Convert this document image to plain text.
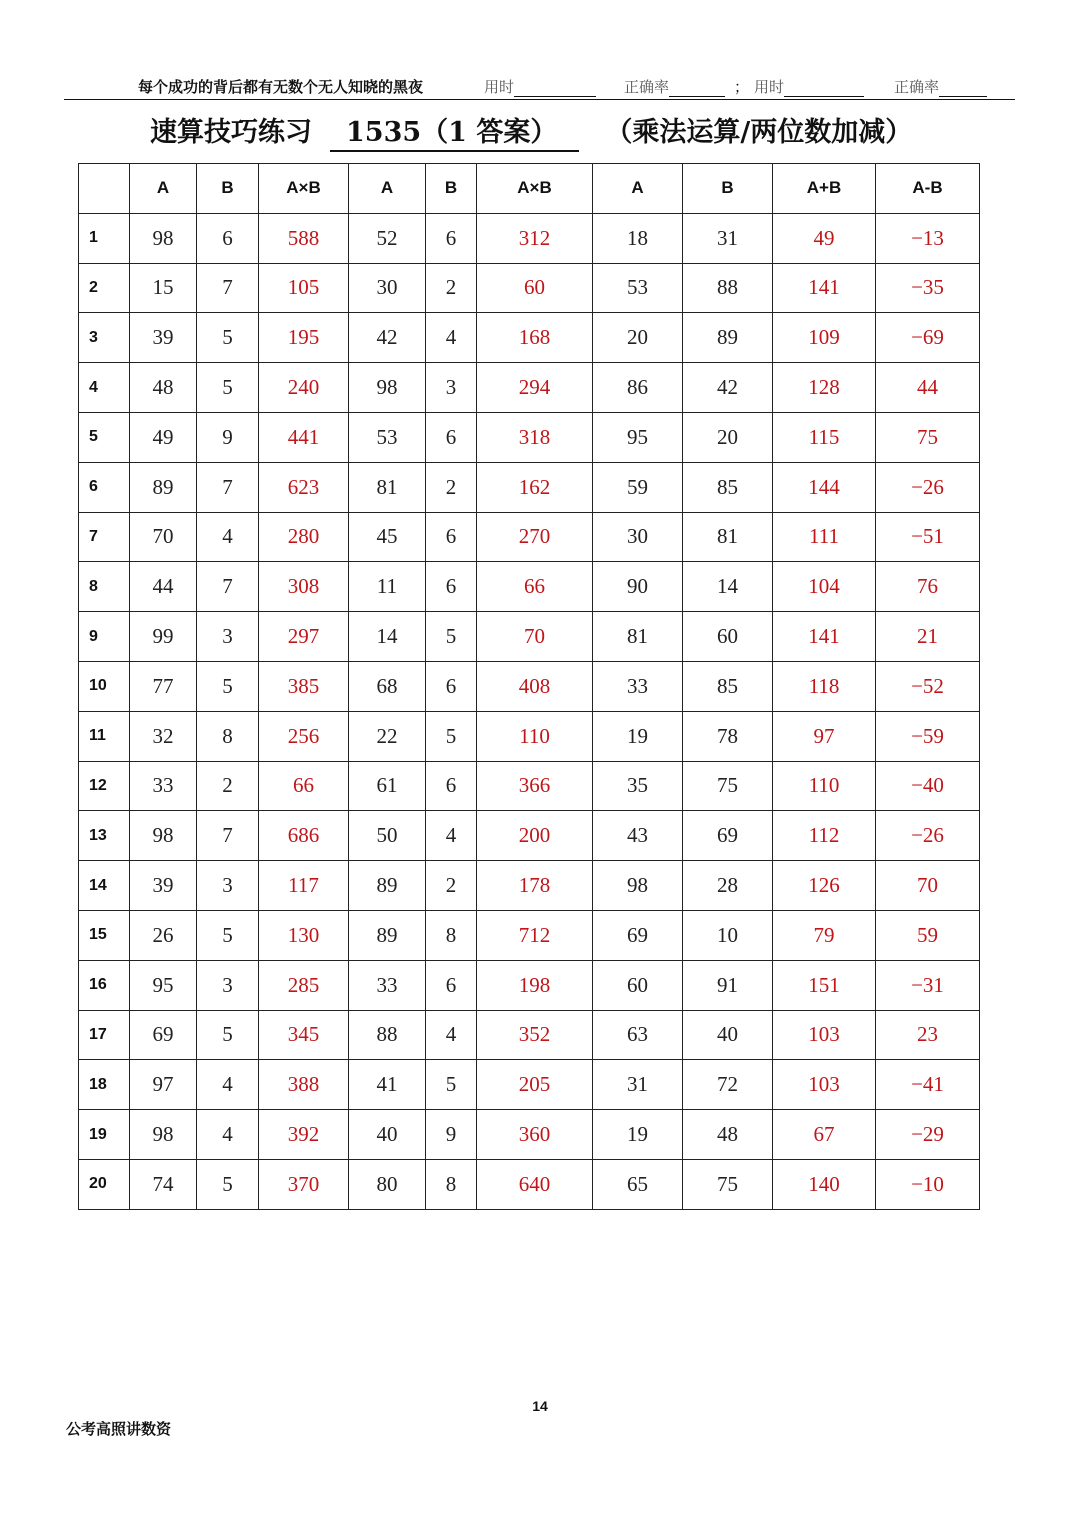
每个成功的背后都有无数个无人知晓的黑夜	用时	正确率	； 用时	正确率
速算技巧练习 1535（1 答案） （乘法运算/两位数加减）
	A	B	A×B	A	B	A×B	A	B	A+B	A-B
1	98	6	588	52	6	312	18	31	49	−13
2	15	7	105	30	2	60	53	88	141	−35
3	39	5	195	42	4	168	20	89	109	−69
4	48	5	240	98	3	294	86	42	128	44
5	49	9	441	53	6	318	95	20	115	75
6	89	7	623	81	2	162	59	85	144	−26
7	70	4	280	45	6	270	30	81	111	−51
8	44	7	308	11	6	66	90	14	104	76
9	99	3	297	14	5	70	81	60	141	21
10	77	5	385	68	6	408	33	85	118	−52
11	32	8	256	22	5	110	19	78	97	−59
12	33	2	66	61	6	366	35	75	110	−40
13	98	7	686	50	4	200	43	69	112	−26
14	39	3	117	89	2	178	98	28	126	70
15	26	5	130	89	8	712	69	10	79	59
16	95	3	285	33	6	198	60	91	151	−31
17	69	5	345	88	4	352	63	40	103	23
18	97	4	388	41	5	205	31	72	103	−41
19	98	4	392	40	9	360	19	48	67	−29
20	74	5	370	80	8	640	65	75	140	−10
14
公考高照讲数资
